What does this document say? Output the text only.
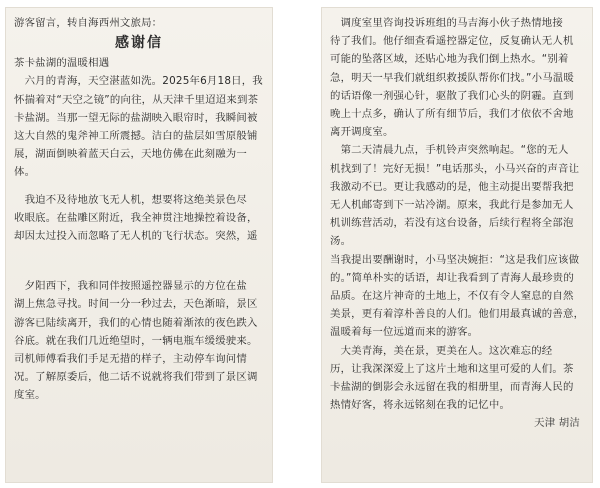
游客留言，转自海西州文旅局：
感谢信
茶卡盐湖的温暖相遇
　六月的青海，天空湛蓝如洗。2025年6月18日，我
怀揣着对“天空之镜”的向往，从天津千里迢迢来到茶
卡盐湖。当那一望无际的盐湖映入眼帘时，我瞬间被
这大自然的鬼斧神工所震撼。洁白的盐层如雪原般铺
展，湖面倒映着蓝天白云，天地仿佛在此刻融为一
体。
　我迫不及待地放飞无人机，想要将这绝美景色尽
收眼底。在盐雕区附近，我全神贯注地操控着设备，
却因太过投入而忽略了无人机的飞行状态。突然，遥
　夕阳西下，我和同伴按照遥控器显示的方位在盐
湖上焦急寻找。时间一分一秒过去，天色渐暗，景区
游客已陆续离开，我们的心情也随着渐浓的夜色跌入
谷底。就在我们几近绝望时，一辆电瓶车缓缓驶来。
司机师傅看我们手足无措的样子，主动停车询问情
况。了解原委后，他二话不说就将我们带到了景区调
度室。
　调度室里咨询投诉班组的马吉海小伙子热情地接
待了我们。他仔细查看遥控器定位，反复确认无人机
可能的坠落区域，还贴心地为我们倒上热水。“别着
急，明天一早我们就组织救援队帮你们找。”小马温暖
的话语像一剂强心针，驱散了我们心头的阴霾。直到
晚上十点多，确认了所有细节后，我们才依依不舍地
离开调度室。
　第二天清晨九点，手机铃声突然响起。“您的无人
机找到了！完好无损！”电话那头，小马兴奋的声音让
我激动不已。更让我感动的是，他主动提出要帮我把
无人机邮寄到下一站冷湖。原来，我此行是参加无人
机训练营活动，若没有这台设备，后续行程将全部泡
汤。
当我提出要酬谢时，小马坚决婉拒：“这是我们应该做
的。”简单朴实的话语，却让我看到了青海人最珍贵的
品质。在这片神奇的土地上，不仅有令人窒息的自然
美景，更有着淳朴善良的人们。他们用最真诚的善意，
温暖着每一位远道而来的游客。
　大美青海，美在景，更美在人。这次难忘的经
历，让我深深爱上了这片土地和这里可爱的人们。茶
卡盐湖的倒影会永远留在我的相册里，而青海人民的
热情好客，将永远铭刻在我的记忆中。
天津 胡洁
